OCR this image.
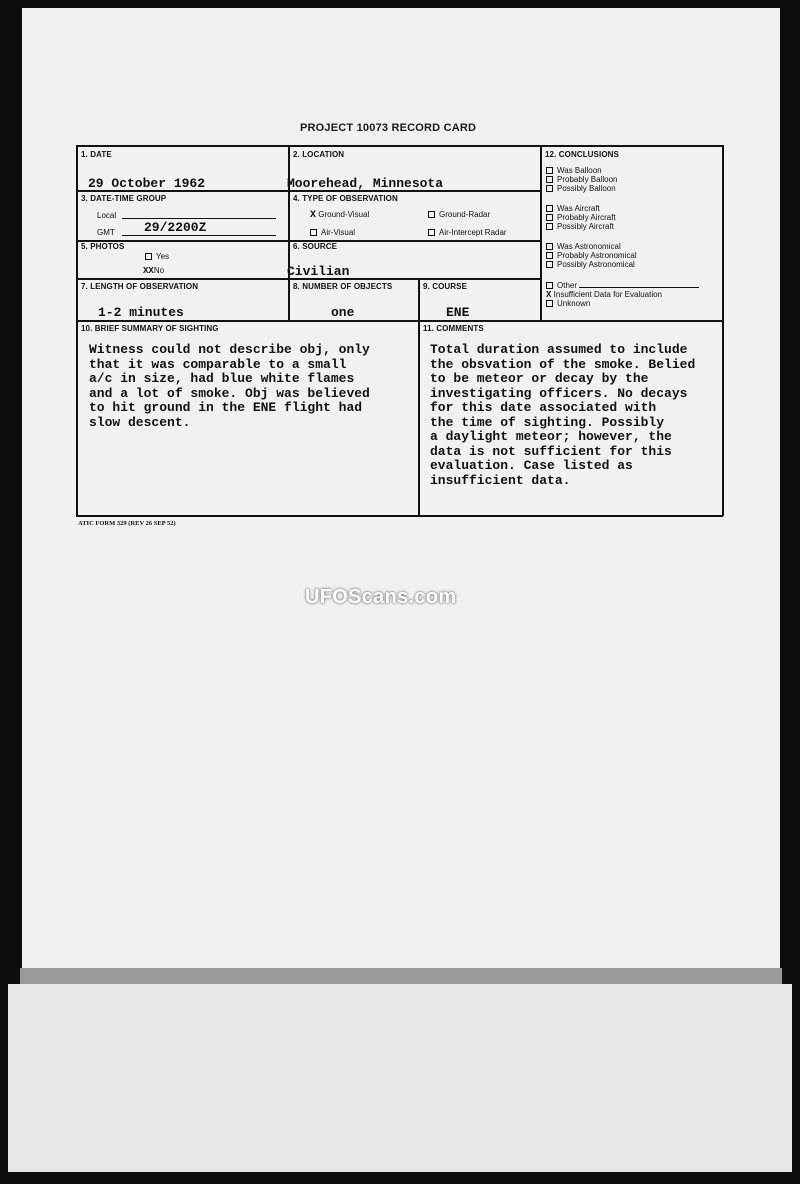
PROJECT 10073 RECORD CARD
1. DATE
29 October 1962
2. LOCATION
Moorehead, Minnesota
3. DATE-TIME GROUP
Local
GMT 29/2200Z
4. TYPE OF OBSERVATION
X Ground-Visual	Ground-Radar
Air-Visual	Air-Intercept Radar
5. PHOTOS
Yes
XXNo
6. SOURCE
Civilian
7. LENGTH OF OBSERVATION
1-2 minutes
8. NUMBER OF OBJECTS
one
9. COURSE
ENE
10. BRIEF SUMMARY OF SIGHTING
Witness could not describe obj, only
that it was comparable to a small
a/c in size, had blue white flames
and a lot of smoke. Obj was believed
to hit ground in the ENE flight had
slow descent.
11. COMMENTS
Total duration assumed to include
the obsvation of the smoke. Belied
to be meteor or decay by the
investigating officers. No decays
for this date associated with
the time of sighting. Possibly
a daylight meteor; however, the
data is not sufficient for this
evaluation. Case listed as
insufficient data.
12. CONCLUSIONS
Was Balloon
Probably Balloon
Possibly Balloon
Was Aircraft
Probably Aircraft
Possibly Aircraft
Was Astronomical
Probably Astronomical
Possibly Astronomical
Other
X Insufficient Data for Evaluation
Unknown
ATIC FORM 329 (REV 26 SEP 52)
UFOScans.com
